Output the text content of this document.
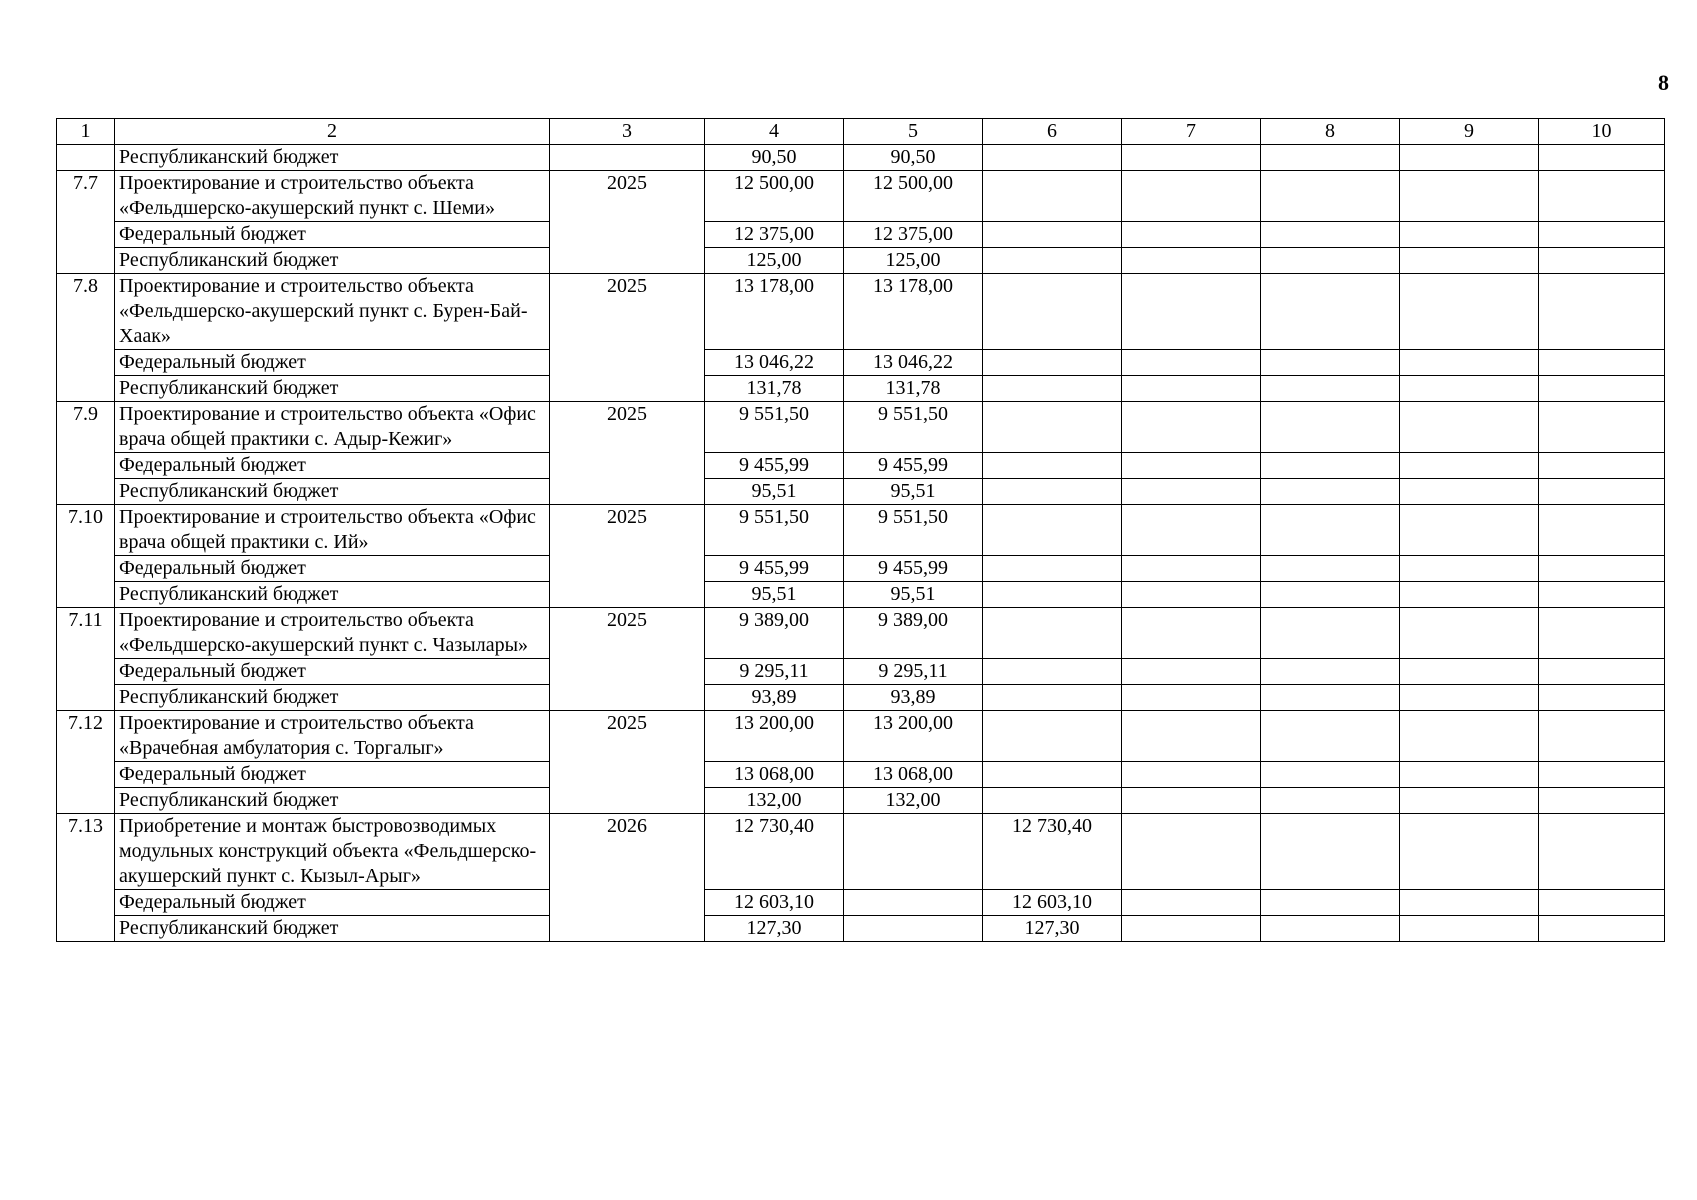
8
1	2	3	4	5	6	7	8	9	10
	Республиканский бюджет		90,50	90,50					
7.7	Проектирование и строительство объекта «Фельдшерско-акушерский пункт с. Шеми»	2025	12 500,00	12 500,00					
	Федеральный бюджет		12 375,00	12 375,00					
	Республиканский бюджет		125,00	125,00					
7.8	Проектирование и строительство объекта «Фельдшерско-акушерский пункт с. Бурен-Бай-Хаак»	2025	13 178,00	13 178,00					
	Федеральный бюджет		13 046,22	13 046,22					
	Республиканский бюджет		131,78	131,78					
7.9	Проектирование и строительство объекта «Офис врача общей практики с. Адыр-Кежиг»	2025	9 551,50	9 551,50					
	Федеральный бюджет		9 455,99	9 455,99					
	Республиканский бюджет		95,51	95,51					
7.10	Проектирование и строительство объекта «Офис врача общей практики с. Ий»	2025	9 551,50	9 551,50					
	Федеральный бюджет		9 455,99	9 455,99					
	Республиканский бюджет		95,51	95,51					
7.11	Проектирование и строительство объекта «Фельдшерско-акушерский пункт с. Чазылары»	2025	9 389,00	9 389,00					
	Федеральный бюджет		9 295,11	9 295,11					
	Республиканский бюджет		93,89	93,89					
7.12	Проектирование и строительство объекта «Врачебная амбулатория с. Торгалыг»	2025	13 200,00	13 200,00					
	Федеральный бюджет		13 068,00	13 068,00					
	Республиканский бюджет		132,00	132,00					
7.13	Приобретение и монтаж быстровозводимых модульных конструкций объекта «Фельдшерско-акушерский пункт с. Кызыл-Арыг»	2026	12 730,40		12 730,40				
	Федеральный бюджет		12 603,10		12 603,10				
	Республиканский бюджет		127,30		127,30				
